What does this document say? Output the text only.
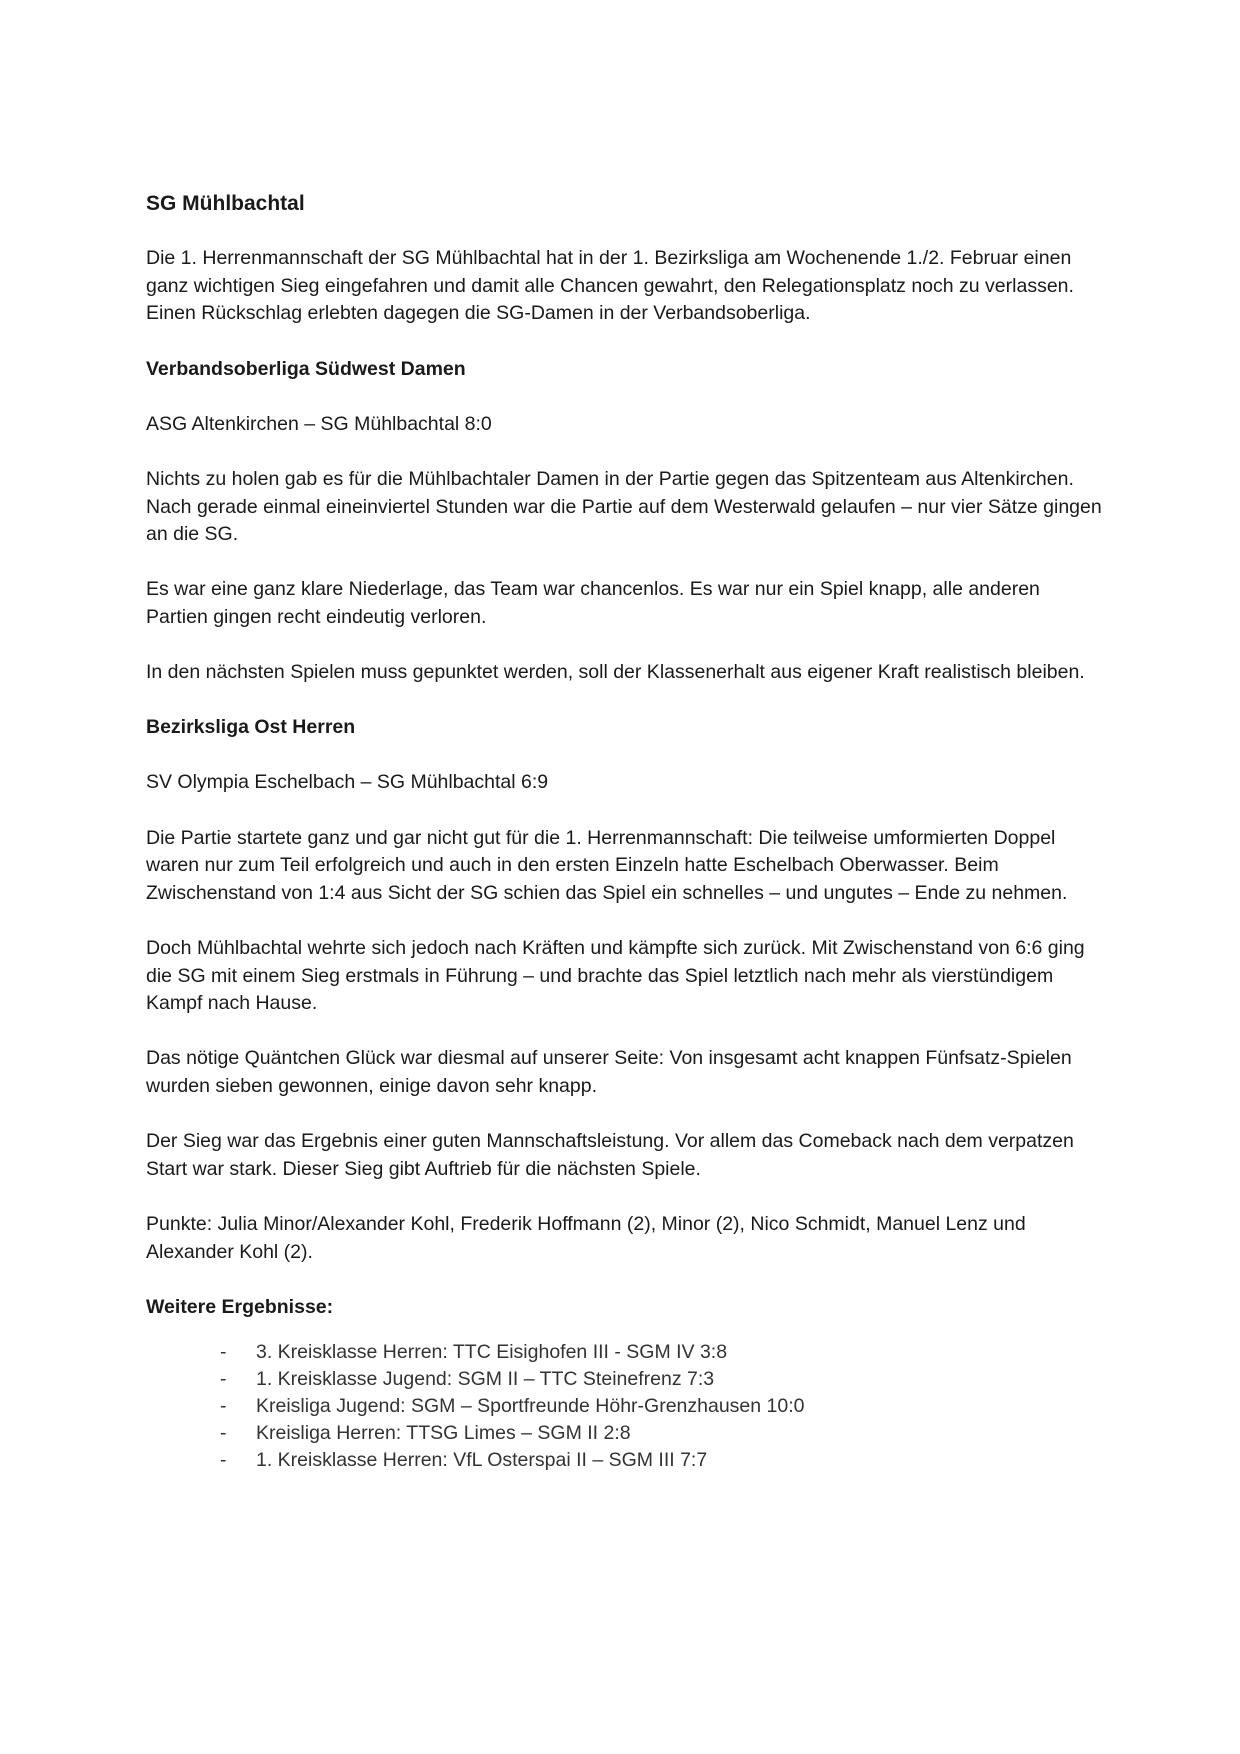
SG Mühlbachtal

Die 1. Herrenmannschaft der SG Mühlbachtal hat in der 1. Bezirksliga am Wochenende 1./2. Februar einen ganz wichtigen Sieg eingefahren und damit alle Chancen gewahrt, den Relegationsplatz noch zu verlassen. Einen Rückschlag erlebten dagegen die SG-Damen in der Verbandsoberliga.

Verbandsoberliga Südwest Damen

ASG Altenkirchen – SG Mühlbachtal 8:0

Nichts zu holen gab es für die Mühlbachtaler Damen in der Partie gegen das Spitzenteam aus Altenkirchen. Nach gerade einmal eineinviertel Stunden war die Partie auf dem Westerwald gelaufen – nur vier Sätze gingen an die SG.

Es war eine ganz klare Niederlage, das Team war chancenlos. Es war nur ein Spiel knapp, alle anderen Partien gingen recht eindeutig verloren.

In den nächsten Spielen muss gepunktet werden, soll der Klassenerhalt aus eigener Kraft realistisch bleiben.

Bezirksliga Ost Herren

SV Olympia Eschelbach – SG Mühlbachtal 6:9

Die Partie startete ganz und gar nicht gut für die 1. Herrenmannschaft: Die teilweise umformierten Doppel waren nur zum Teil erfolgreich und auch in den ersten Einzeln hatte Eschelbach Oberwasser. Beim Zwischenstand von 1:4 aus Sicht der SG schien das Spiel ein schnelles – und ungutes – Ende zu nehmen.

Doch Mühlbachtal wehrte sich jedoch nach Kräften und kämpfte sich zurück. Mit Zwischenstand von 6:6 ging die SG mit einem Sieg erstmals in Führung – und brachte das Spiel letztlich nach mehr als vierstündigem Kampf nach Hause.

Das nötige Quäntchen Glück war diesmal auf unserer Seite: Von insgesamt acht knappen Fünfsatz-Spielen wurden sieben gewonnen, einige davon sehr knapp.

Der Sieg war das Ergebnis einer guten Mannschaftsleistung. Vor allem das Comeback nach dem verpatzen Start war stark. Dieser Sieg gibt Auftrieb für die nächsten Spiele.

Punkte: Julia Minor/Alexander Kohl, Frederik Hoffmann (2), Minor (2), Nico Schmidt, Manuel Lenz und Alexander Kohl (2).

Weitere Ergebnisse:

- 3. Kreisklasse Herren: TTC Eisighofen III - SGM IV 3:8
- 1. Kreisklasse Jugend: SGM II – TTC Steinefrenz 7:3
- Kreisliga Jugend: SGM – Sportfreunde Höhr-Grenzhausen 10:0
- Kreisliga Herren: TTSG Limes – SGM II 2:8
- 1. Kreisklasse Herren: VfL Osterspai II – SGM III 7:7
